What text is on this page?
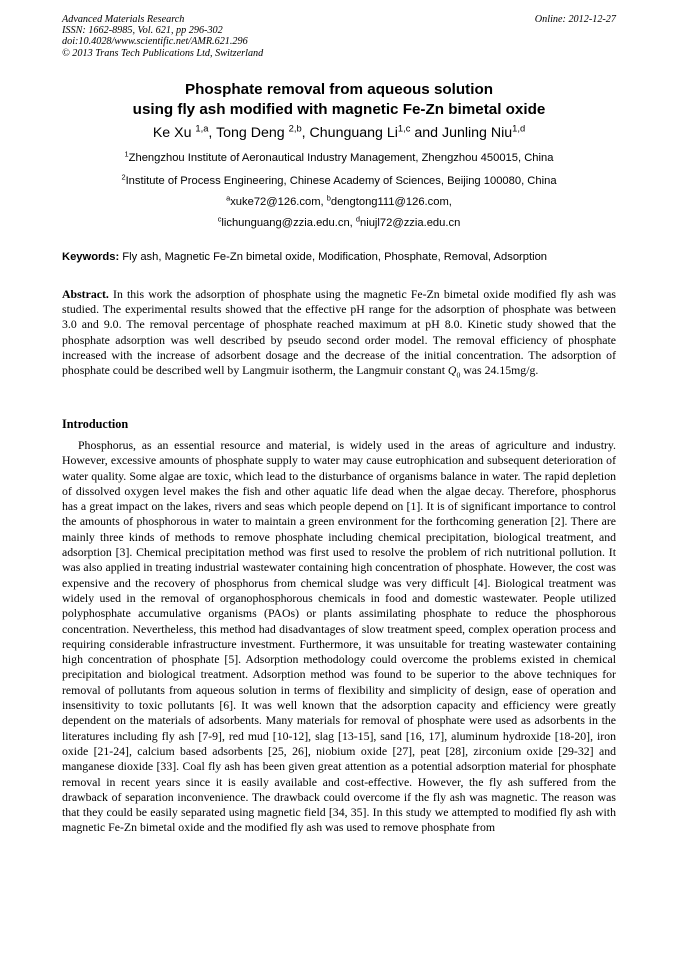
Advanced Materials Research
ISSN: 1662-8985, Vol. 621, pp 296-302
doi:10.4028/www.scientific.net/AMR.621.296
© 2013 Trans Tech Publications Ltd, Switzerland
Online: 2012-12-27
Phosphate removal from aqueous solution
using fly ash modified with magnetic Fe-Zn bimetal oxide
Ke Xu $^{1,a}$, Tong Deng $^{2,b}$, Chunguang Li$^{1,c}$ and Junling Niu$^{1,d}$
$^1$Zhengzhou Institute of Aeronautical Industry Management, Zhengzhou 450015, China
$^2$Institute of Process Engineering, Chinese Academy of Sciences, Beijing 100080, China
$^a$xuke72@126.com, $^b$dengtong111@126.com,
$^c$lichunguang@zzia.edu.cn, $^d$niujl72@zzia.edu.cn
Keywords: Fly ash, Magnetic Fe-Zn bimetal oxide, Modification, Phosphate, Removal, Adsorption

Abstract. In this work the adsorption of phosphate using the magnetic Fe-Zn bimetal oxide modified fly ash was studied. The experimental results showed that the effective pH range for the adsorption of phosphate was between 3.0 and 9.0. The removal percentage of phosphate reached maximum at pH 8.0. Kinetic study showed that the phosphate adsorption was well described by pseudo second order model. The removal efficiency of phosphate increased with the increase of adsorbent dosage and the decrease of the initial concentration. The adsorption of phosphate could be described well by Langmuir isotherm, the Langmuir constant $Q_0$ was 24.15mg/g.

Introduction

Phosphorus, as an essential resource and material, is widely used in the areas of agriculture and industry. However, excessive amounts of phosphate supply to water may cause eutrophication and subsequent deterioration of water quality. Some algae are toxic, which lead to the disturbance of organisms balance in water. The rapid depletion of dissolved oxygen level makes the fish and other aquatic life dead when the algae decay. Therefore, phosphorus has a great impact on the lakes, rivers and seas which people depend on [1]. It is of significant importance to control the amounts of phosphorous in water to maintain a green environment for the forthcoming generation [2]. There are mainly three kinds of methods to remove phosphate including chemical precipitation, biological treatment, and adsorption [3]. Chemical precipitation method was first used to resolve the problem of rich nutritional pollution. It was also applied in treating industrial wastewater containing high concentration of phosphate. However, the cost was expensive and the recovery of phosphorus from chemical sludge was very difficult [4]. Biological treatment was widely used in the removal of organophosphorous chemicals in food and domestic wastewater. People utilized polyphosphate accumulative organisms (PAOs) or plants assimilating phosphate to reduce the phosphorous concentration. Nevertheless, this method had disadvantages of slow treatment speed, complex operation process and requiring considerable infrastructure investment. Furthermore, it was unsuitable for treating wastewater containing high concentration of phosphate [5]. Adsorption methodology could overcome the problems existed in chemical precipitation and biological treatment. Adsorption method was found to be superior to the above techniques for removal of pollutants from aqueous solution in terms of flexibility and simplicity of design, ease of operation and insensitivity to toxic pollutants [6]. It was well known that the adsorption capacity and efficiency were greatly dependent on the materials of adsorbents. Many materials for removal of phosphate were used as adsorbents in the literatures including fly ash [7-9], red mud [10-12], slag [13-15], sand [16, 17], aluminum hydroxide [18-20], iron oxide [21-24], calcium based adsorbents [25, 26], niobium oxide [27], peat [28], zirconium oxide [29-32] and manganese dioxide [33]. Coal fly ash has been given great attention as a potential adsorption material for phosphate removal in recent years since it is easily available and cost-effective. However, the fly ash suffered from the drawback of separation inconvenience. The drawback could overcome if the fly ash was magnetic. The reason was that they could be easily separated using magnetic field [34, 35]. In this study we attempted to modified fly ash with magnetic Fe-Zn bimetal oxide and the modified fly ash was used to remove phosphate from
